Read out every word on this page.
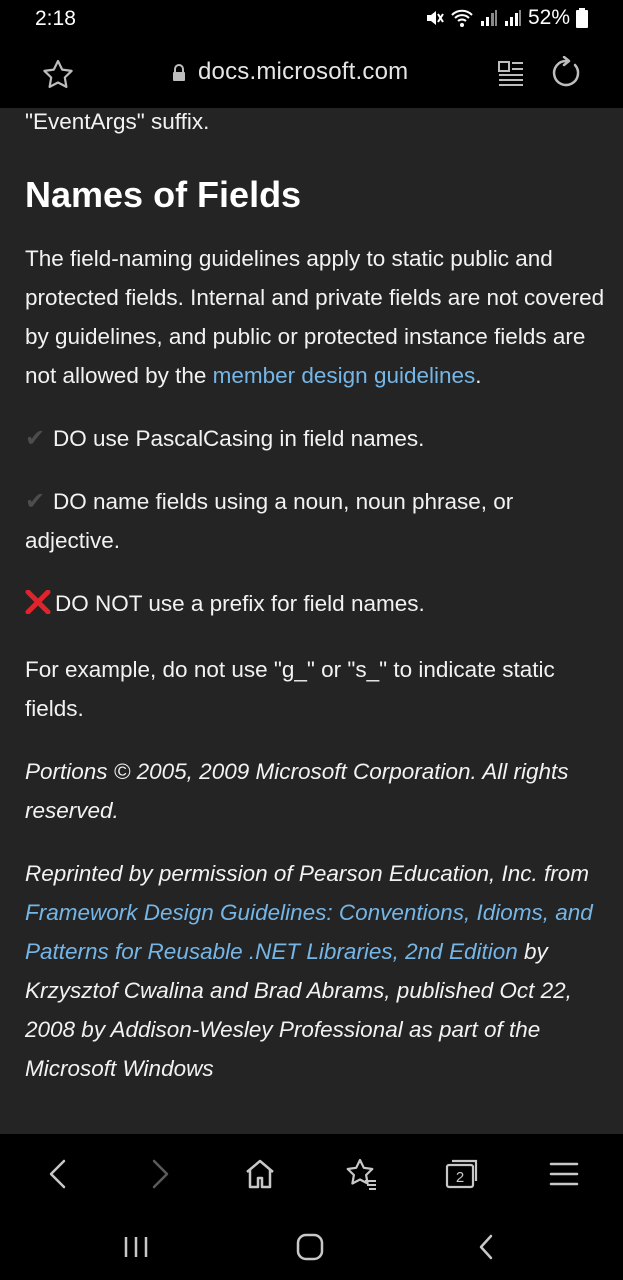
2:18	52%
docs.microsoft.com

"EventArgs" suffix.

Names of Fields

The field-naming guidelines apply to static public and protected fields. Internal and private fields are not covered by guidelines, and public or protected instance fields are not allowed by the member design guidelines.

✔ DO use PascalCasing in field names.

✔ DO name fields using a noun, noun phrase, or adjective.

DO NOT use a prefix for field names.

For example, do not use "g_" or "s_" to indicate static fields.

Portions © 2005, 2009 Microsoft Corporation. All rights reserved.

Reprinted by permission of Pearson Education, Inc. from Framework Design Guidelines: Conventions, Idioms, and Patterns for Reusable .NET Libraries, 2nd Edition by Krzysztof Cwalina and Brad Abrams, published Oct 22, 2008 by Addison-Wesley Professional as part of the Microsoft Windows

2
